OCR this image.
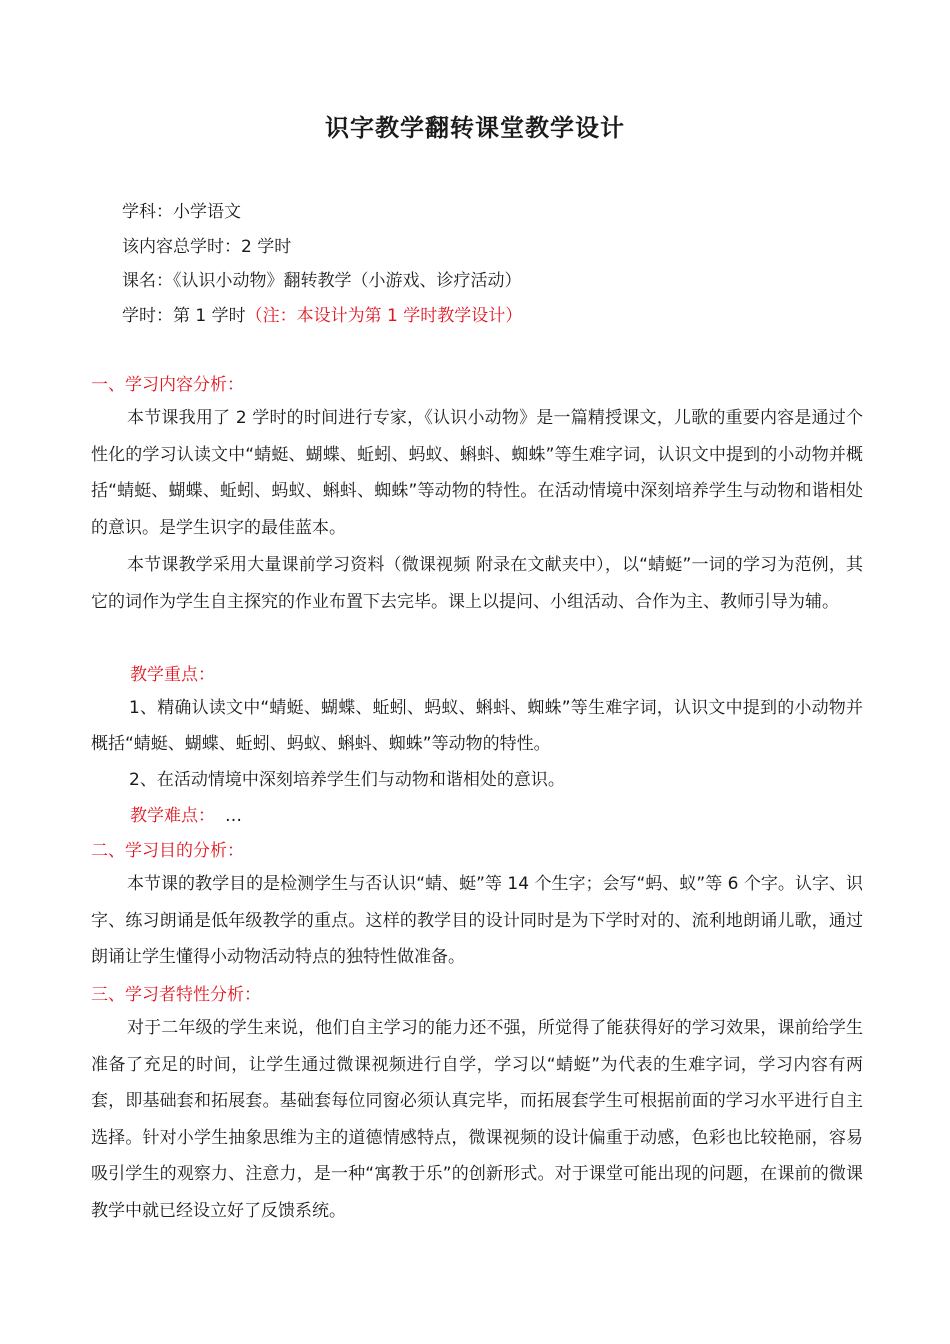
识字教学翻转课堂教学设计
学科：小学语文
该内容总学时：2 学时
课名：《认识小动物》翻转教学（小游戏、诊疗活动）
学时：第 1 学时（注：本设计为第 1 学时教学设计）
一、学习内容分析：
本节课我用了 2 学时的时间进行专家，《认识小动物》是一篇精授课文，儿歌的重要内容是通过个性化的学习认读文中“蜻蜓、蝴蝶、蚯蚓、蚂蚁、蝌蚪、蜘蛛”等生难字词，认识文中提到的小动物并概括“蜻蜓、蝴蝶、蚯蚓、蚂蚁、蝌蚪、蜘蛛”等动物的特性。在活动情境中深刻培养学生与动物和谐相处的意识。是学生识字的最佳蓝本。
本节课教学采用大量课前学习资料（微课视频 附录在文献夹中），以“蜻蜓”一词的学习为范例，其它的词作为学生自主探究的作业布置下去完毕。课上以提问、小组活动、合作为主、教师引导为辅。
教学重点：
1、精确认读文中“蜻蜓、蝴蝶、蚯蚓、蚂蚁、蝌蚪、蜘蛛”等生难字词，认识文中提到的小动物并概括“蜻蜓、蝴蝶、蚯蚓、蚂蚁、蝌蚪、蜘蛛”等动物的特性。
2、在活动情境中深刻培养学生们与动物和谐相处的意识。
教学难点： …
二、学习目的分析：
本节课的教学目的是检测学生与否认识“蜻、蜓”等 14 个生字；会写“蚂、蚁”等 6 个字。认字、识字、练习朗诵是低年级教学的重点。这样的教学目的设计同时是为下学时对的、流利地朗诵儿歌，通过朗诵让学生懂得小动物活动特点的独特性做准备。
三、学习者特性分析：
对于二年级的学生来说，他们自主学习的能力还不强，所觉得了能获得好的学习效果，课前给学生准备了充足的时间，让学生通过微课视频进行自学，学习以“蜻蜓”为代表的生难字词，学习内容有两套，即基础套和拓展套。基础套每位同窗必须认真完毕，而拓展套学生可根据前面的学习水平进行自主选择。针对小学生抽象思维为主的道德情感特点，微课视频的设计偏重于动感，色彩也比较艳丽，容易吸引学生的观察力、注意力，是一种“寓教于乐”的创新形式。对于课堂可能出现的问题，在课前的微课教学中就已经设立好了反馈系统。
